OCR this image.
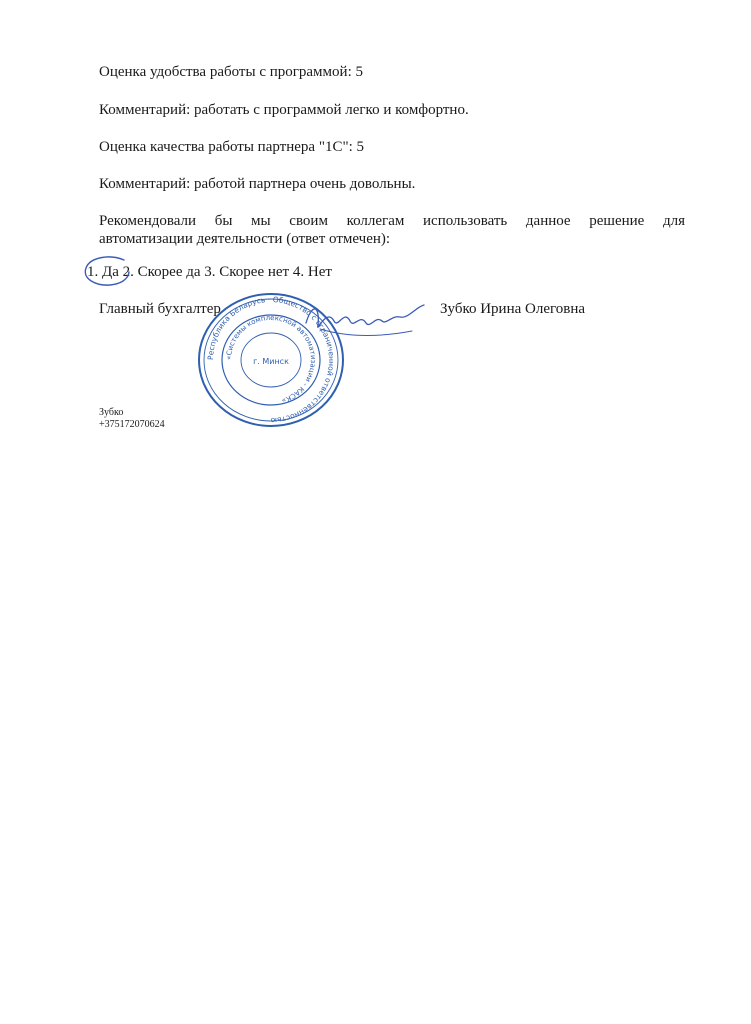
Оценка удобства работы с программой: 5
Комментарий: работать с программой легко и комфортно.
Оценка качества работы партнера "1С": 5
Комментарий: работой партнера очень довольны.
Рекомендовали бы мы своим коллегам использовать данное решение для
автоматизации деятельности (ответ отмечен):
1. Да 2. Скорее да 3. Скорее нет 4. Нет
Главный бухгалтер	Зубко Ирина Олеговна
Республика Беларусь · Общество с ограниченной ответственностью
«Системы комплексной автоматизации - КАСК»
г. Минск
Зубко
+375172070624
